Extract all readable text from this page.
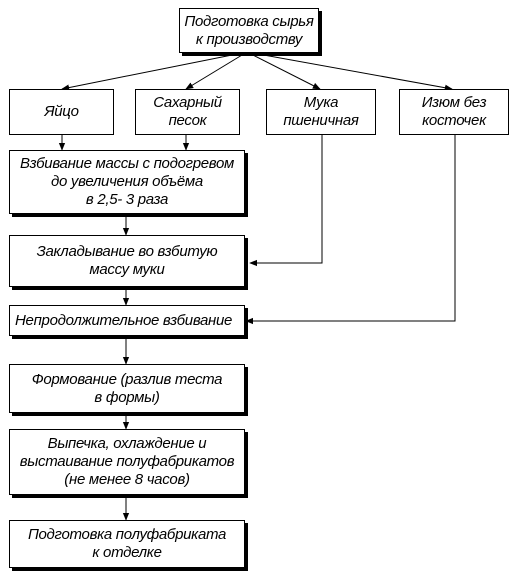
Подготовка сырья
к производству
Яйцо
Сахарный
песок
Мука
пшеничная
Изюм без
косточек
Взбивание массы с подогревом
до увеличения объёма
в 2,5- 3 раза
Закладывание во взбитую
массу муки
Непродолжительное взбивание
Формование (разлив теста
в формы)
Выпечка, охлаждение и
выстаивание полуфабрикатов
(не менее 8 часов)
Подготовка полуфабриката
к отделке
